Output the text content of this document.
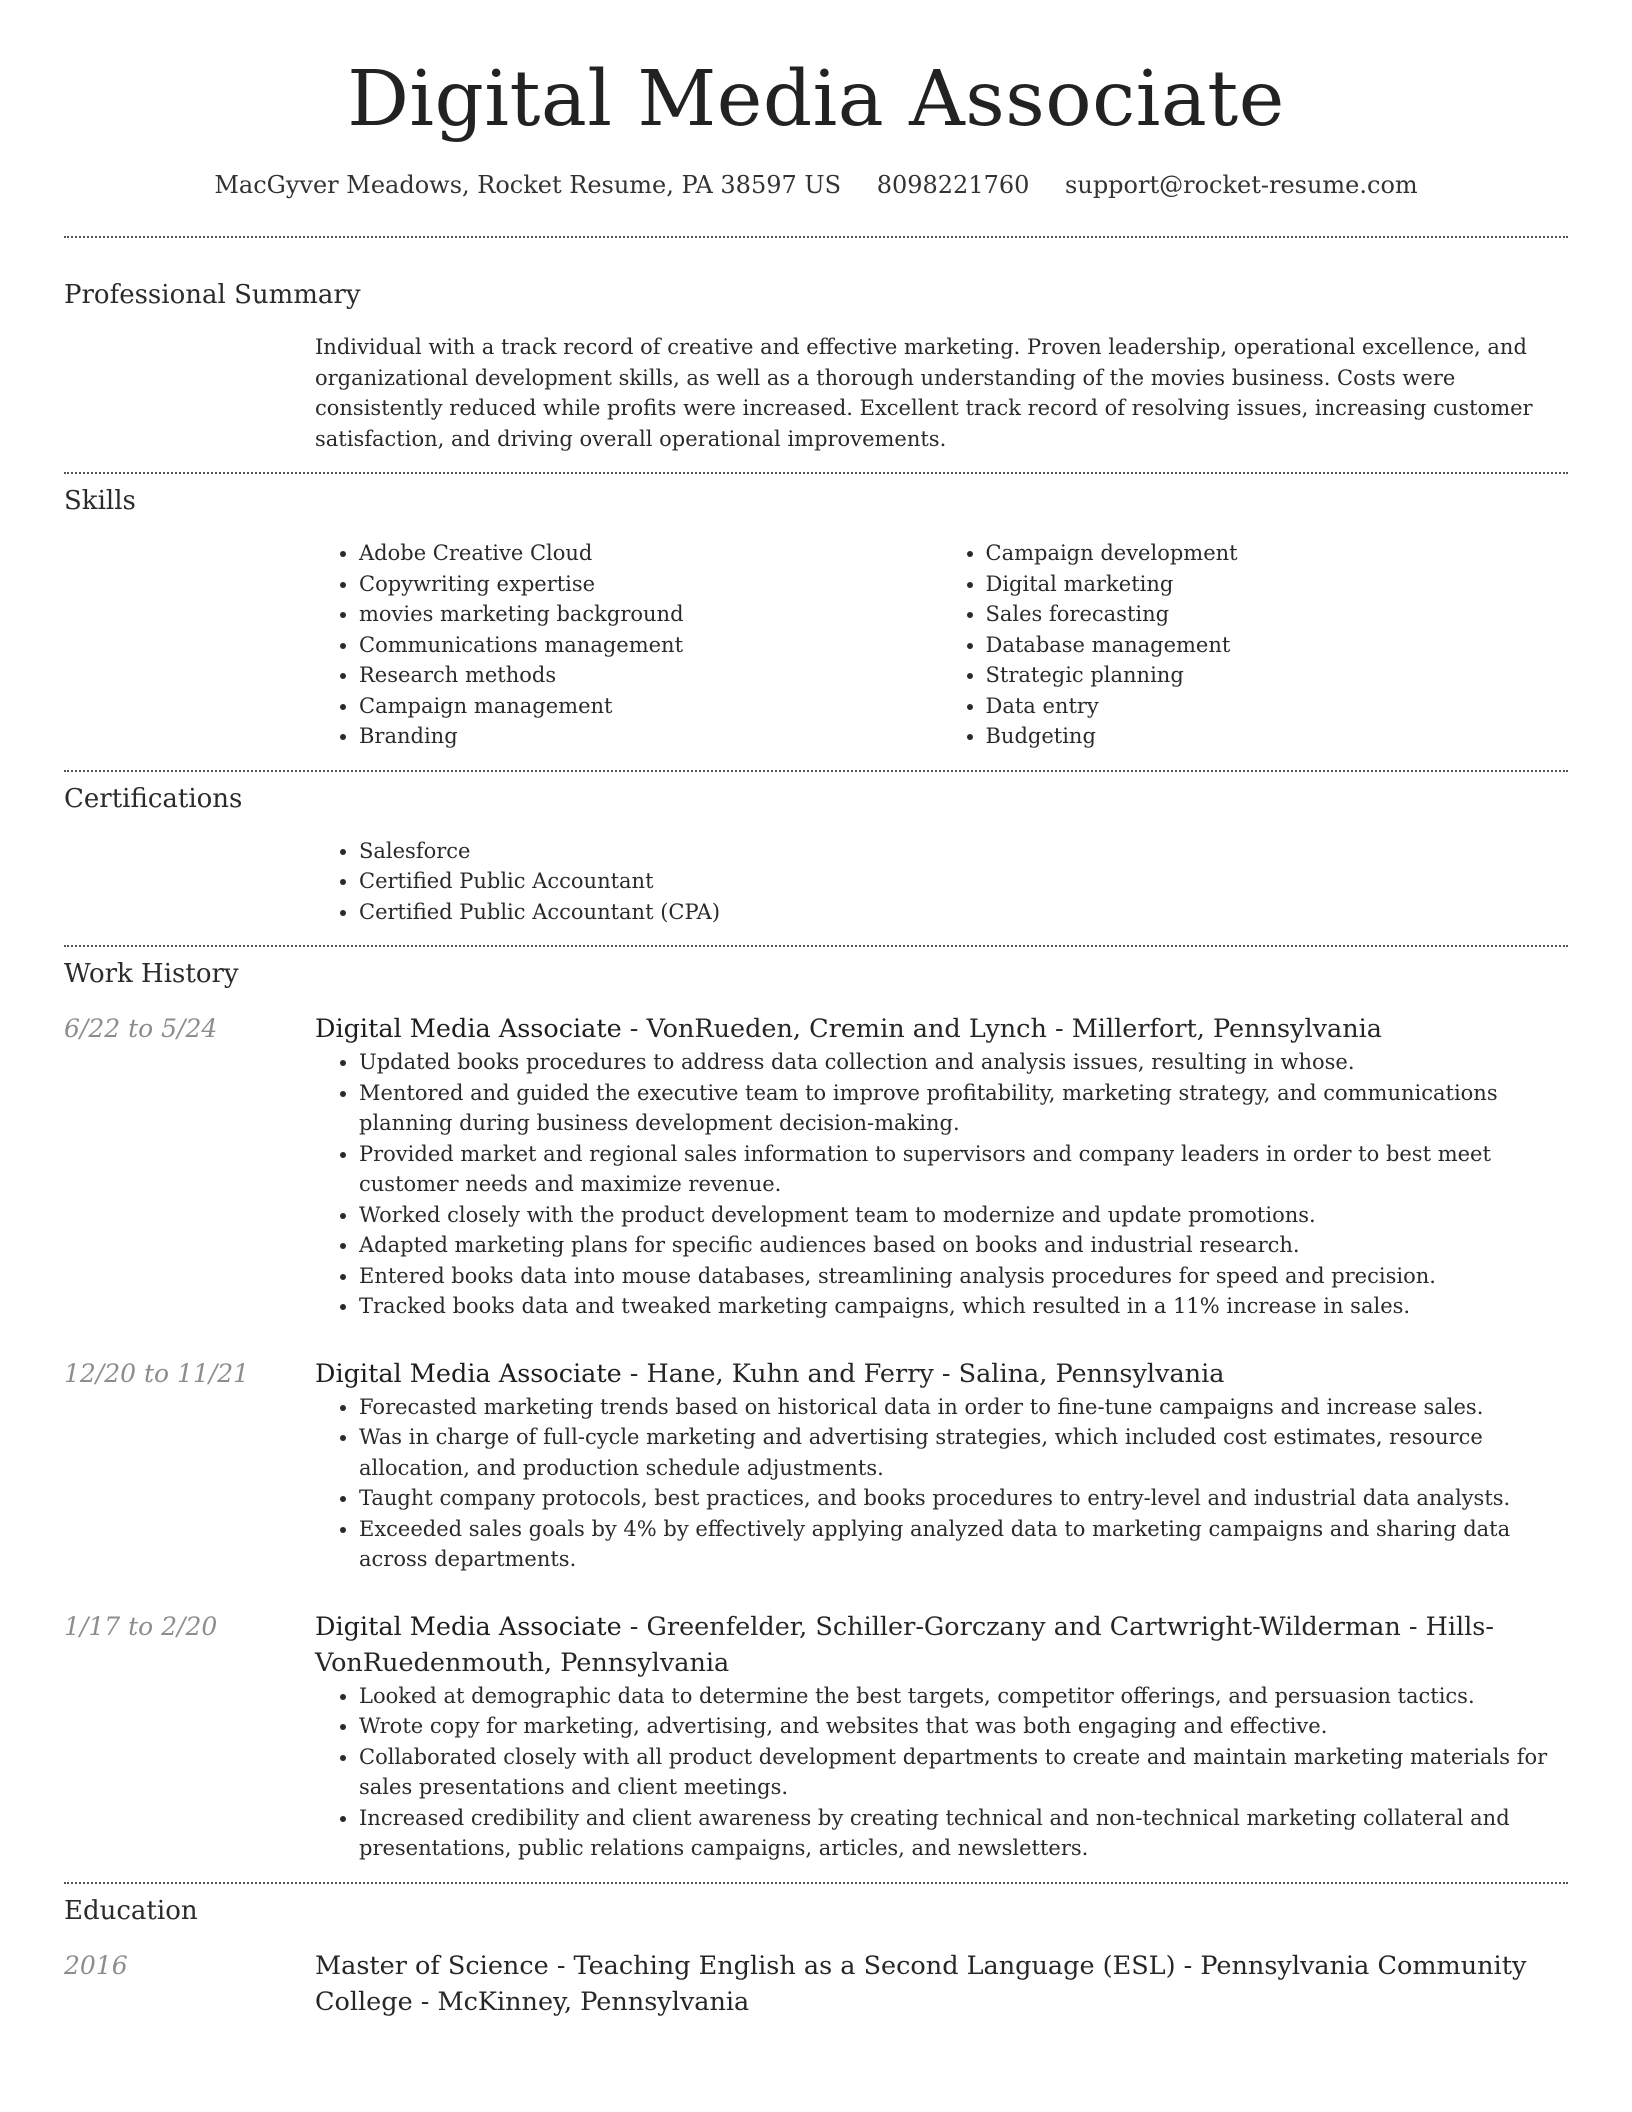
Digital Media Associate
MacGyver Meadows, Rocket Resume, PA 38597 US 8098221760 support@rocket-resume.com
Professional Summary
Individual with a track record of creative and effective marketing. Proven leadership, operational excellence, and organizational development skills, as well as a thorough understanding of the movies business. Costs were consistently reduced while profits were increased. Excellent track record of resolving issues, increasing customer satisfaction, and driving overall operational improvements.
Skills
• Adobe Creative Cloud
• Copywriting expertise
• movies marketing background
• Communications management
• Research methods
• Campaign management
• Branding
• Campaign development
• Digital marketing
• Sales forecasting
• Database management
• Strategic planning
• Data entry
• Budgeting
Certifications
• Salesforce
• Certified Public Accountant
• Certified Public Accountant (CPA)
Work History
6/22 to 5/24	Digital Media Associate - VonRueden, Cremin and Lynch - Millerfort, Pennsylvania
• Updated books procedures to address data collection and analysis issues, resulting in whose.
• Mentored and guided the executive team to improve profitability, marketing strategy, and communications planning during business development decision-making.
• Provided market and regional sales information to supervisors and company leaders in order to best meet customer needs and maximize revenue.
• Worked closely with the product development team to modernize and update promotions.
• Adapted marketing plans for specific audiences based on books and industrial research.
• Entered books data into mouse databases, streamlining analysis procedures for speed and precision.
• Tracked books data and tweaked marketing campaigns, which resulted in a 11% increase in sales.
12/20 to 11/21	Digital Media Associate - Hane, Kuhn and Ferry - Salina, Pennsylvania
• Forecasted marketing trends based on historical data in order to fine-tune campaigns and increase sales.
• Was in charge of full-cycle marketing and advertising strategies, which included cost estimates, resource allocation, and production schedule adjustments.
• Taught company protocols, best practices, and books procedures to entry-level and industrial data analysts.
• Exceeded sales goals by 4% by effectively applying analyzed data to marketing campaigns and sharing data across departments.
1/17 to 2/20	Digital Media Associate - Greenfelder, Schiller-Gorczany and Cartwright-Wilderman - Hills-VonRuedenmouth, Pennsylvania
• Looked at demographic data to determine the best targets, competitor offerings, and persuasion tactics.
• Wrote copy for marketing, advertising, and websites that was both engaging and effective.
• Collaborated closely with all product development departments to create and maintain marketing materials for sales presentations and client meetings.
• Increased credibility and client awareness by creating technical and non-technical marketing collateral and presentations, public relations campaigns, articles, and newsletters.
Education
2016	Master of Science - Teaching English as a Second Language (ESL) - Pennsylvania Community College - McKinney, Pennsylvania
